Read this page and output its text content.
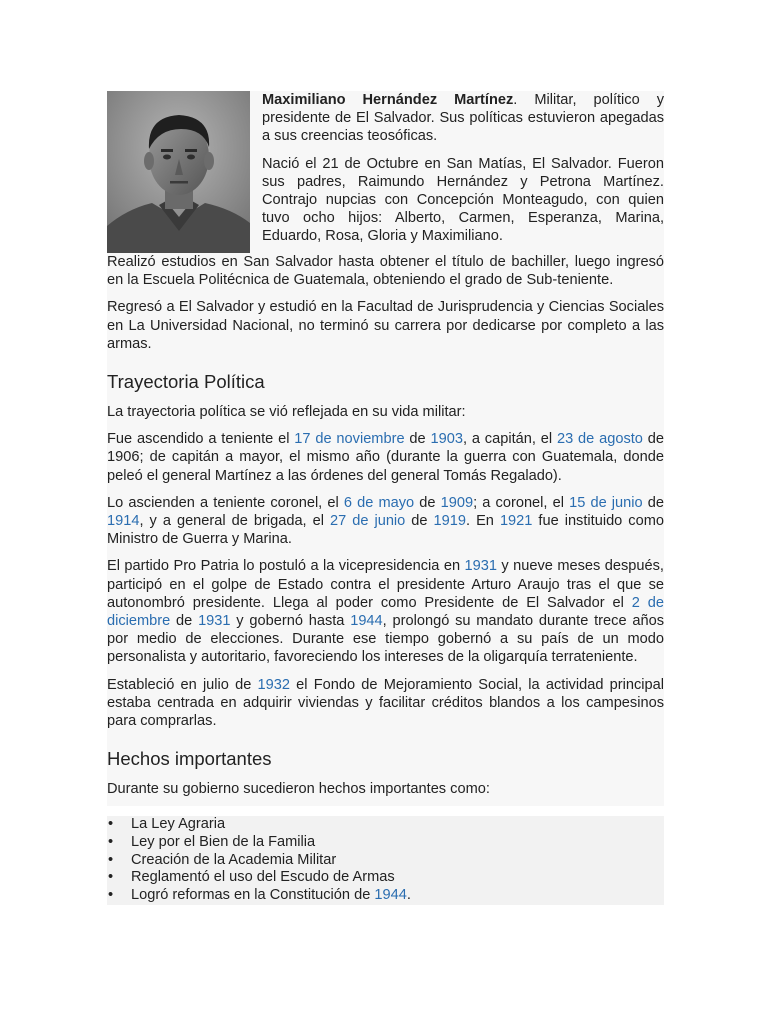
Maximiliano Hernández Martínez. Militar, político y presidente de El Salvador. Sus políticas estuvieron apegadas a sus creencias teosóficas.

Nació el 21 de Octubre en San Matías, El Salvador. Fueron sus padres, Raimundo Hernández y Petrona Martínez. Contrajo nupcias con Concepción Monteagudo, con quien tuvo ocho hijos: Alberto, Carmen, Esperanza, Marina, Eduardo, Rosa, Gloria y Maximiliano.

Realizó estudios en San Salvador hasta obtener el título de bachiller, luego ingresó en la Escuela Politécnica de Guatemala, obteniendo el grado de Sub-teniente.

Regresó a El Salvador y estudió en la Facultad de Jurisprudencia y Ciencias Sociales en La Universidad Nacional, no terminó su carrera por dedicarse por completo a las armas.

Trayectoria Política

La trayectoria política se vió reflejada en su vida militar:

Fue ascendido a teniente el 17 de noviembre de 1903, a capitán, el 23 de agosto de 1906; de capitán a mayor, el mismo año (durante la guerra con Guatemala, donde peleó el general Martínez a las órdenes del general Tomás Regalado).

Lo ascienden a teniente coronel, el 6 de mayo de 1909; a coronel, el 15 de junio de 1914, y a general de brigada, el 27 de junio de 1919. En 1921 fue instituido como Ministro de Guerra y Marina.

El partido Pro Patria lo postuló a la vicepresidencia en 1931 y nueve meses después, participó en el golpe de Estado contra el presidente Arturo Araujo tras el que se autonombró presidente. Llega al poder como Presidente de El Salvador el 2 de diciembre de 1931 y gobernó hasta 1944, prolongó su mandato durante trece años por medio de elecciones. Durante ese tiempo gobernó a su país de un modo personalista y autoritario, favoreciendo los intereses de la oligarquía terrateniente.

Estableció en julio de 1932 el Fondo de Mejoramiento Social, la actividad principal estaba centrada en adquirir viviendas y facilitar créditos blandos a los campesinos para comprarlas.

Hechos importantes

Durante su gobierno sucedieron hechos importantes como:

• La Ley Agraria
• Ley por el Bien de la Familia
• Creación de la Academia Militar
• Reglamentó el uso del Escudo de Armas
• Logró reformas en la Constitución de 1944.
